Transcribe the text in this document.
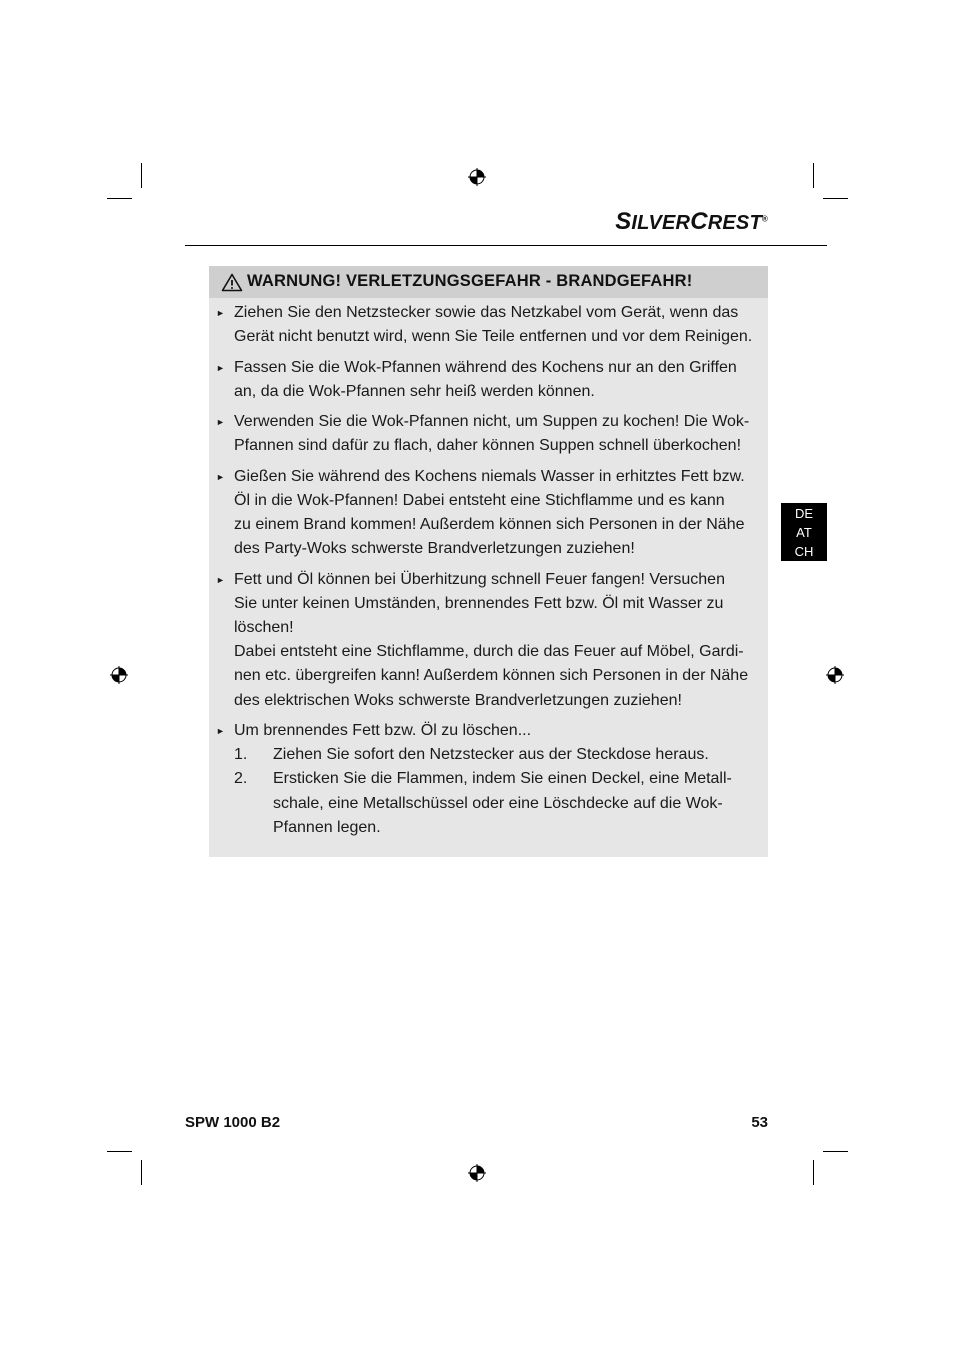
SILVERCREST®
DE
AT
CH
WARNUNG! VERLETZUNGSGEFAHR - BRANDGEFAHR!
► Ziehen Sie den Netzstecker sowie das Netzkabel vom Gerät, wenn das
Gerät nicht benutzt wird, wenn Sie Teile entfernen und vor dem Reinigen.
► Fassen Sie die Wok-Pfannen während des Kochens nur an den Griffen
an, da die Wok-Pfannen sehr heiß werden können.
► Verwenden Sie die Wok-Pfannen nicht, um Suppen zu kochen! Die Wok-
Pfannen sind dafür zu flach, daher können Suppen schnell überkochen!
► Gießen Sie während des Kochens niemals Wasser in erhitztes Fett bzw.
Öl in die Wok-Pfannen! Dabei entsteht eine Stichflamme und es kann
zu einem Brand kommen! Außerdem können sich Personen in der Nähe
des Party-Woks schwerste Brandverletzungen zuziehen!
► Fett und Öl können bei Überhitzung schnell Feuer fangen! Versuchen
Sie unter keinen Umständen, brennendes Fett bzw. Öl mit Wasser zu
löschen!
Dabei entsteht eine Stichflamme, durch die das Feuer auf Möbel, Gardi-
nen etc. übergreifen kann! Außerdem können sich Personen in der Nähe
des elektrischen Woks schwerste Brandverletzungen zuziehen!
► Um brennendes Fett bzw. Öl zu löschen...
1. Ziehen Sie sofort den Netzstecker aus der Steckdose heraus.
2. Ersticken Sie die Flammen, indem Sie einen Deckel, eine Metall-
schale, eine Metallschüssel oder eine Löschdecke auf die Wok-
Pfannen legen.
SPW 1000 B2	53
